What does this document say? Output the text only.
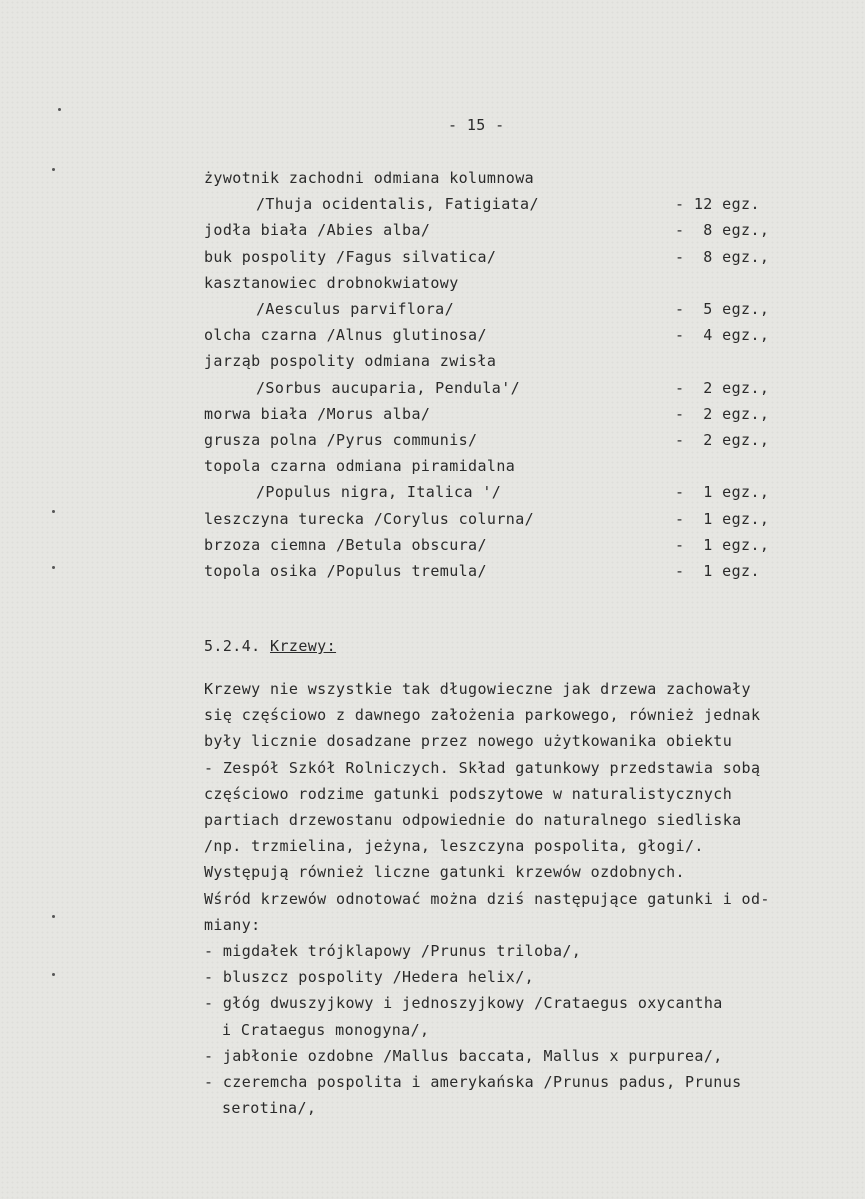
- 15 -
żywotnik zachodni odmiana kolumnowa
/Thuja ocidentalis, Fatigiata/	- 12 egz.
jodła biała /Abies alba/	-  8 egz.,
buk pospolity /Fagus silvatica/	-  8 egz.,
kasztanowiec drobnokwiatowy
/Aesculus parviflora/	-  5 egz.,
olcha czarna /Alnus glutinosa/	-  4 egz.,
jarząb pospolity odmiana zwisła
/Sorbus aucuparia, Pendula'/	-  2 egz.,
morwa biała /Morus alba/	-  2 egz.,
grusza polna /Pyrus communis/	-  2 egz.,
topola czarna odmiana piramidalna
/Populus nigra, Italica '/	-  1 egz.,
leszczyna turecka /Corylus colurna/	-  1 egz.,
brzoza ciemna /Betula obscura/	-  1 egz.,
topola osika /Populus tremula/	-  1 egz.
5.2.4. Krzewy:
Krzewy nie wszystkie tak długowieczne jak drzewa zachowały
się częściowo z dawnego założenia parkowego, również jednak
były licznie dosadzane przez nowego użytkowanika obiektu
- Zespół Szkół Rolniczych. Skład gatunkowy przedstawia sobą
częściowo rodzime gatunki podszytowe w naturalistycznych
partiach drzewostanu odpowiednie do naturalnego siedliska
/np. trzmielina, jeżyna, leszczyna pospolita, głogi/.
Występują również liczne gatunki krzewów ozdobnych.
Wśród krzewów odnotować można dziś następujące gatunki i od-
miany:
- migdałek trójklapowy /Prunus triloba/,
- bluszcz pospolity /Hedera helix/,
- głóg dwuszyjkowy i jednoszyjkowy /Crataegus oxycantha
i Crataegus monogyna/,
- jabłonie ozdobne /Mallus baccata, Mallus x purpurea/,
- czeremcha pospolita i amerykańska /Prunus padus, Prunus
serotina/,
